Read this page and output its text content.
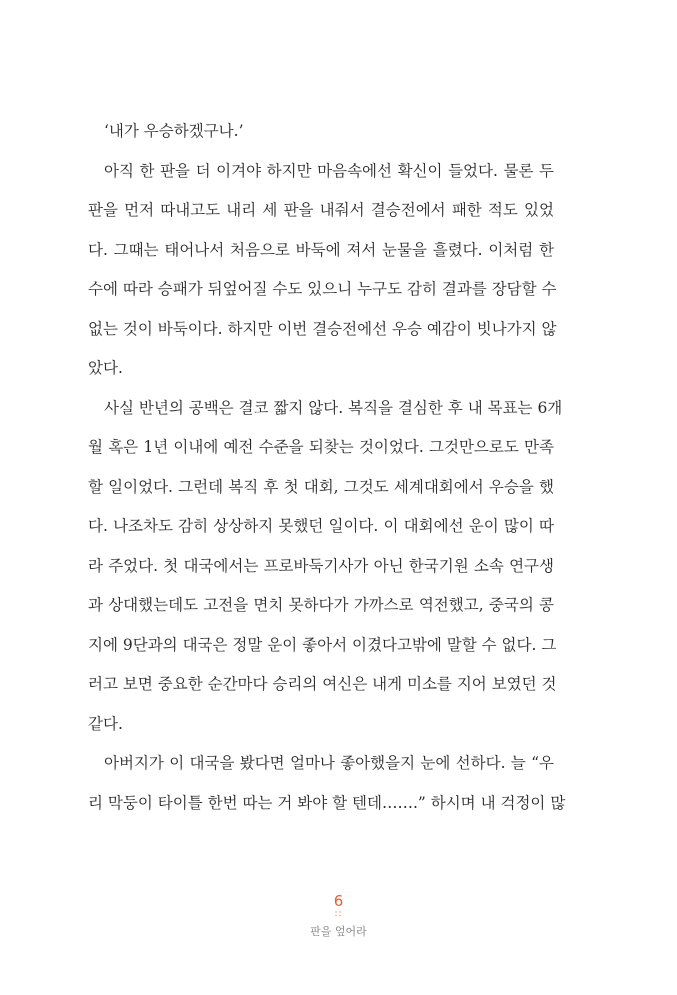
‘내가 우승하겠구나.’
아직 한 판을 더 이겨야 하지만 마음속에선 확신이 들었다. 물론 두
판을 먼저 따내고도 내리 세 판을 내줘서 결승전에서 패한 적도 있었
다. 그때는 태어나서 처음으로 바둑에 져서 눈물을 흘렸다. 이처럼 한
수에 따라 승패가 뒤엎어질 수도 있으니 누구도 감히 결과를 장담할 수
없는 것이 바둑이다. 하지만 이번 결승전에선 우승 예감이 빗나가지 않
았다.
사실 반년의 공백은 결코 짧지 않다. 복직을 결심한 후 내 목표는 6개
월 혹은 1년 이내에 예전 수준을 되찾는 것이었다. 그것만으로도 만족
할 일이었다. 그런데 복직 후 첫 대회, 그것도 세계대회에서 우승을 했
다. 나조차도 감히 상상하지 못했던 일이다. 이 대회에선 운이 많이 따
라 주었다. 첫 대국에서는 프로바둑기사가 아닌 한국기원 소속 연구생
과 상대했는데도 고전을 면치 못하다가 가까스로 역전했고, 중국의 콩
지에 9단과의 대국은 정말 운이 좋아서 이겼다고밖에 말할 수 없다. 그
러고 보면 중요한 순간마다 승리의 여신은 내게 미소를 지어 보였던 것
같다.
아버지가 이 대국을 봤다면 얼마나 좋아했을지 눈에 선하다. 늘 “우
리 막둥이 타이틀 한번 따는 거 봐야 할 텐데…….” 하시며 내 걱정이 많
6
::
판을 엎어라
